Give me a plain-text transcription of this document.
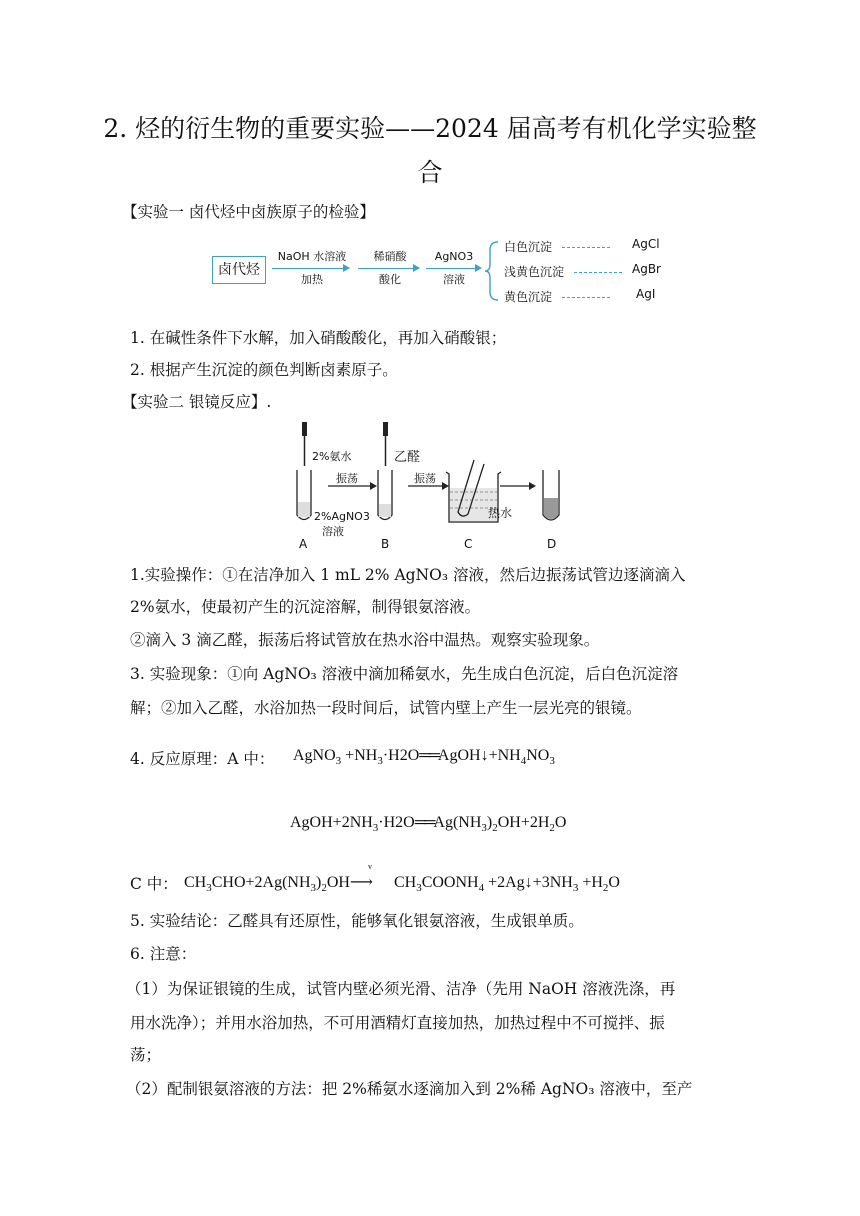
2. 烃的衍生物的重要实验——2024 届高考有机化学实验整
合
【实验一 卤代烃中卤族原子的检验】
卤代烃
NaOH 水溶液
加热
稀硝酸
酸化
AgNO3
溶液
白色沉淀	AgCl
浅黄色沉淀	AgBr
黄色沉淀	AgI
1. 在碱性条件下水解，加入硝酸酸化，再加入硝酸银；
2. 根据产生沉淀的颜色判断卤素原子。
【实验二 银镜反应】.
2%氨水	乙醛
振荡	振荡
2%AgNO3
溶液
热水
A	B	C	D
1.实验操作：①在洁净加入 1 mL 2% AgNO₃ 溶液，然后边振荡试管边逐滴滴入
2%氨水，使最初产生的沉淀溶解，制得银氨溶液。
②滴入 3 滴乙醛，振荡后将试管放在热水浴中温热。观察实验现象。
3. 实验现象：①向 AgNO₃ 溶液中滴加稀氨水，先生成白色沉淀，后白色沉淀溶
解；②加入乙醛，水浴加热一段时间后，试管内壁上产生一层光亮的银镜。
4. 反应原理：A 中：	AgNO$_3$ $+NH_3\cdot H2O══AgOH↓+NH_4NO_3$
$AgOH+2NH_3\cdot H2O══Ag(NH_3)_2OH+2H_2O$
C 中： $CH_3CHO+2Ag(NH_3)_2OH$
v
⟶ $CH_3COONH_4$ $+2Ag↓+3NH_3 +H_2O$
5. 实验结论：乙醛具有还原性，能够氧化银氨溶液，生成银单质。
6. 注意：
（1）为保证银镜的生成，试管内壁必须光滑、洁净（先用 NaOH 溶液洗涤，再
用水洗净）；并用水浴加热，不可用酒精灯直接加热，加热过程中不可搅拌、振
荡；
（2）配制银氨溶液的方法：把 2%稀氨水逐滴加入到 2%稀 AgNO₃ 溶液中，至产
